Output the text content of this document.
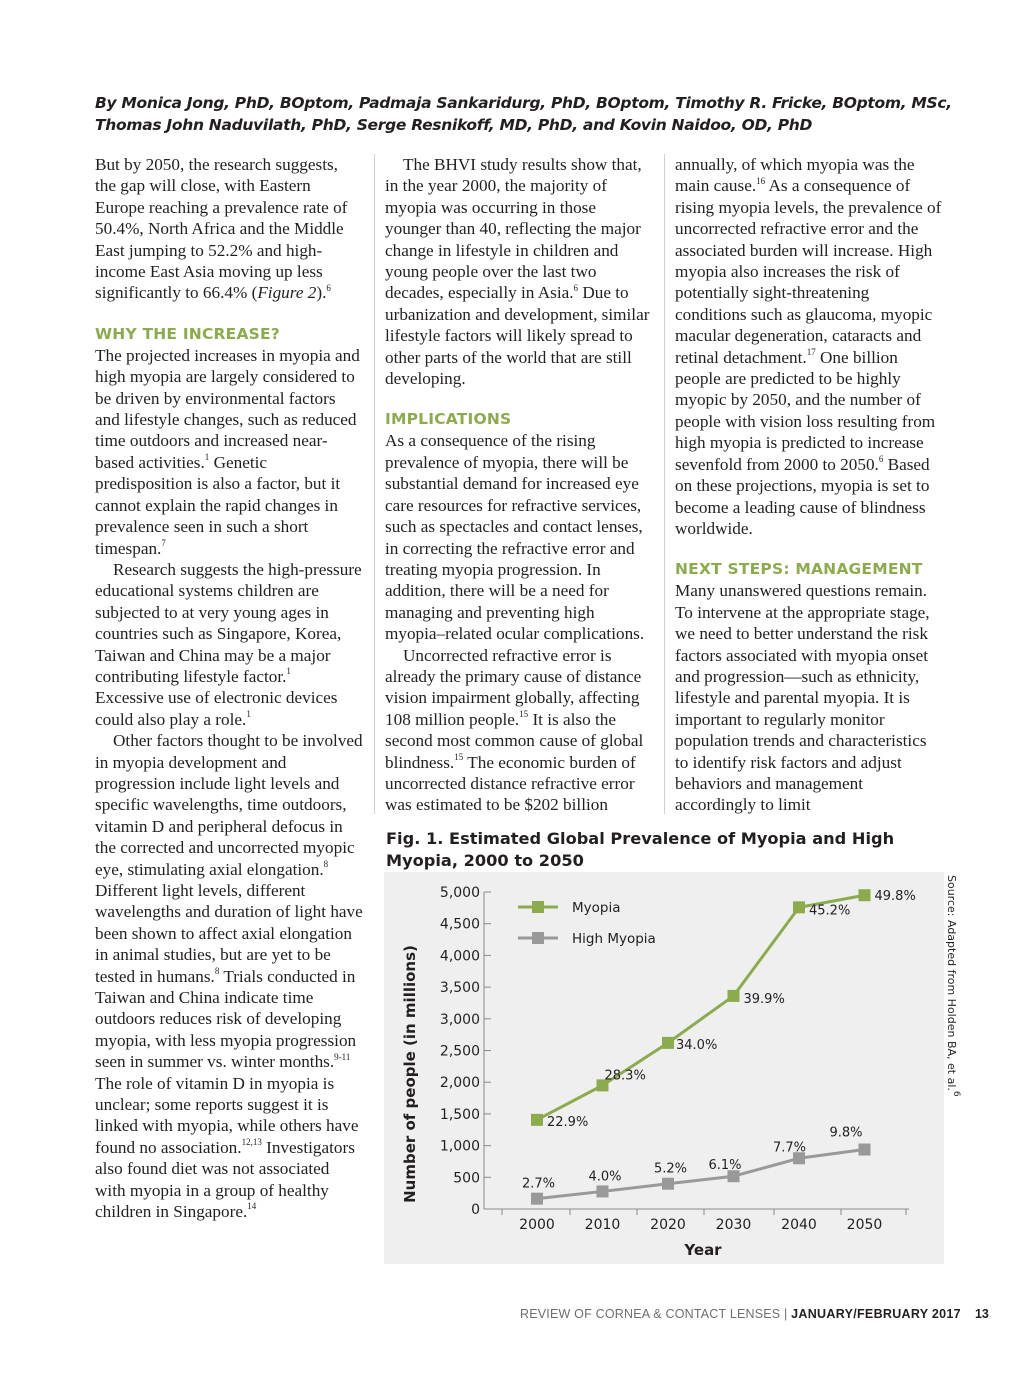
By Monica Jong, PhD, BOptom, Padmaja Sankaridurg, PhD, BOptom, Timothy R. Fricke, BOptom, MSc,
Thomas John Naduvilath, PhD, Serge Resnikoff, MD, PhD, and Kovin Naidoo, OD, PhD

But by 2050, the research suggests, the gap will close, with Eastern Europe reaching a prevalence rate of 50.4%, North Africa and the Middle East jumping to 52.2% and high-income East Asia moving up less significantly to 66.4% (Figure 2).$^6$

WHY THE INCREASE?

The projected increases in myopia and high myopia are largely considered to be driven by environmental factors and lifestyle changes, such as reduced time outdoors and increased near-based activities.$^1$ Genetic predisposition is also a factor, but it cannot explain the rapid changes in prevalence seen in such a short timespan.$^7$

Research suggests the high-pressure educational systems children are subjected to at very young ages in countries such as Singapore, Korea, Taiwan and China may be a major contributing lifestyle factor.$^1$ Excessive use of electronic devices could also play a role.$^1$

Other factors thought to be involved in myopia development and progression include light levels and specific wavelengths, time outdoors, vitamin D and peripheral defocus in the corrected and uncorrected myopic eye, stimulating axial elongation.$^8$ Different light levels, different wavelengths and duration of light have been shown to affect axial elongation in animal studies, but are yet to be tested in humans.$^8$ Trials conducted in Taiwan and China indicate time outdoors reduces risk of developing myopia, with less myopia progression seen in summer vs. winter months.$^{9-11}$ The role of vitamin D in myopia is unclear; some reports suggest it is linked with myopia, while others have found no association.$^{12,13}$ Investigators also found diet was not associated with myopia in a group of healthy children in Singapore.$^{14}$

The BHVI study results show that, in the year 2000, the majority of myopia was occurring in those younger than 40, reflecting the major change in lifestyle in children and young people over the last two decades, especially in Asia.$^6$ Due to urbanization and development, similar lifestyle factors will likely spread to other parts of the world that are still developing.

IMPLICATIONS

As a consequence of the rising prevalence of myopia, there will be substantial demand for increased eye care resources for refractive services, such as spectacles and contact lenses, in correcting the refractive error and treating myopia progression. In addition, there will be a need for managing and preventing high myopia–related ocular complications.

Uncorrected refractive error is already the primary cause of distance vision impairment globally, affecting 108 million people.$^{15}$ It is also the second most common cause of global blindness.$^{15}$ The economic burden of uncorrected distance refractive error was estimated to be $202 billion

annually, of which myopia was the main cause.$^{16}$ As a consequence of rising myopia levels, the prevalence of uncorrected refractive error and the associated burden will increase. High myopia also increases the risk of potentially sight-threatening conditions such as glaucoma, myopic macular degeneration, cataracts and retinal detachment.$^{17}$ One billion people are predicted to be highly myopic by 2050, and the number of people with vision loss resulting from high myopia is predicted to increase sevenfold from 2000 to 2050.$^6$ Based on these projections, myopia is set to become a leading cause of blindness worldwide.

NEXT STEPS: MANAGEMENT

Many unanswered questions remain. To intervene at the appropriate stage, we need to better understand the risk factors associated with myopia onset and progression—such as ethnicity, lifestyle and parental myopia. It is important to regularly monitor population trends and characteristics to identify risk factors and adjust behaviors and management accordingly to limit

Fig. 1. Estimated Global Prevalence of Myopia and High Myopia, 2000 to 2050
0
500
1,000
1,500
2,000
2,500
3,000
3,500
4,000
4,500
5,000
2000 2010 2020 2030 2040 2050
22.9%
28.3%
34.0%
39.9%
45.2%
49.8%
2.7%	4.0%
5.2% 6.1%
7.7%
9.8%
Myopia
High Myopia
Number of people (in millions)
Year
Source: Adapted from Holden BA, et al.$^6$
REVIEW OF CORNEA & CONTACT LENSES | JANUARY/FEBRUARY 2017 13
